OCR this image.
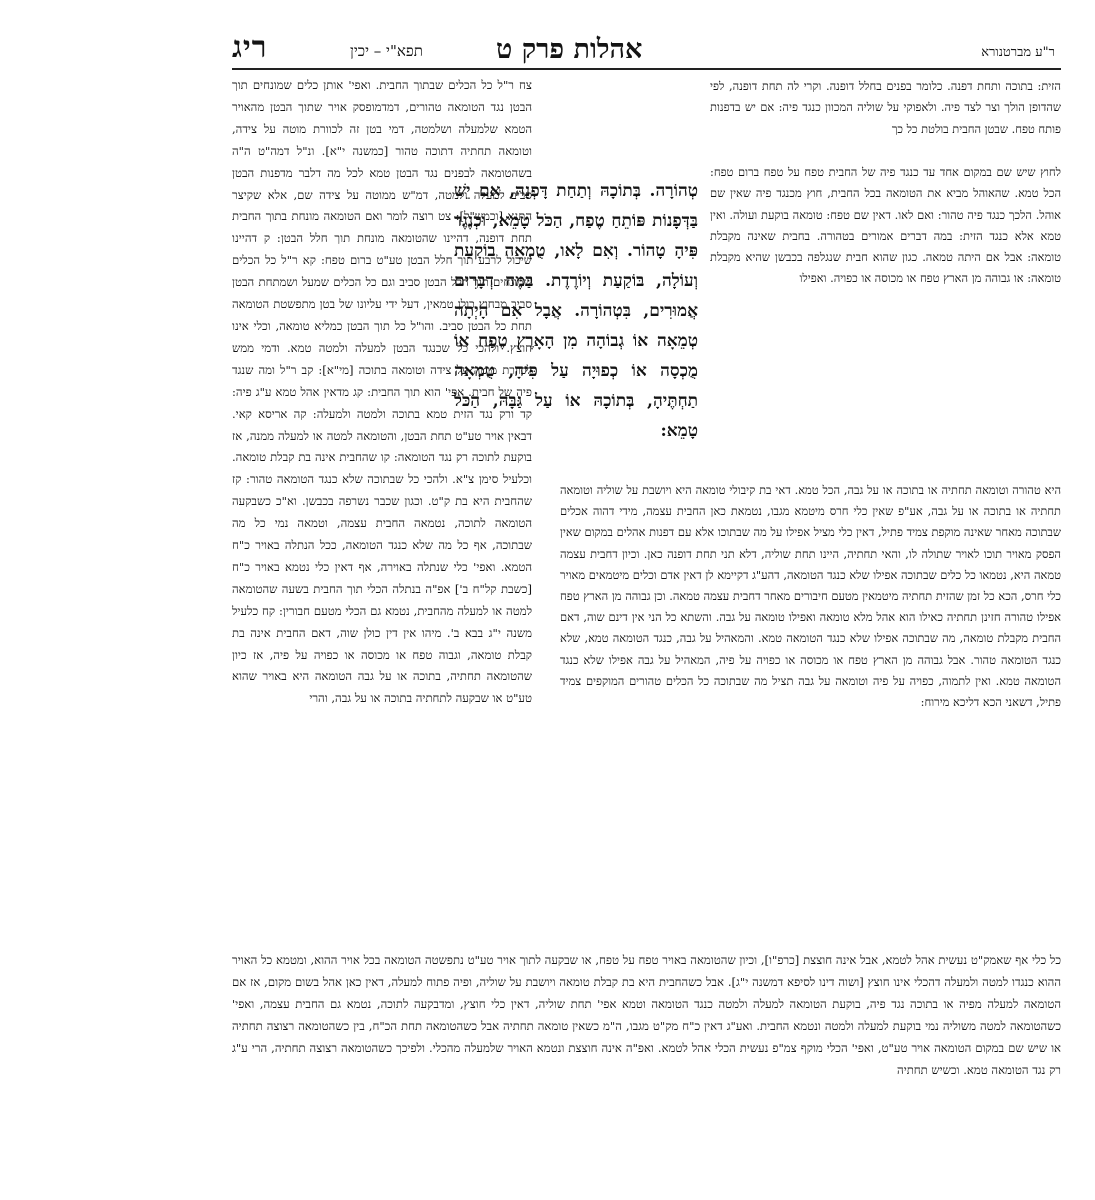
ריג	תפא"י – יכין	אהלות פרק ט	ר"ע מברטנורא

הזית: בתוכה ותחת דפנה. כלומר בפנים בחלל דופנה. וקרי לה תחת דופנה, לפי שהדופן הולך וצר לצד פיה. ולאפוקי על שוליה המכוון כנגד פיה: אם יש בדפנות פותח טפח. שבטן החבית בולטת כל כך

לחוץ שיש שם במקום אחד עד כנגד פיה של החבית טפח על טפח ברום טפח: הכל טמא. שהאוהל מביא את הטומאה בכל החבית, חוץ מכנגד פיה שאין שם אוהל. הלכך כנגד פיה טהור: ואם לאו. דאין שם טפח: טומאה בוקעת ועולה. ואין טמא אלא כנגד הזית: במה דברים אמורים בטהורה. בחבית שאינה מקבלת טומאה: אבל אם היתה טמאה. כגון שהוא חבית שנגלפה בכבשן שהיא מקבלת טומאה: או גבוהה מן הארץ טפח או מכוסה או כפויה. ואפילו

טְהוֹרָה. בְּתוֹכָהּ וְתַחַת דָּפְנָהּ, אִם יֵשׁ בַּדְּפָנוֹת פּוֹתֵחַ טֶפַח, הַכֹּל טָמֵא, וּכְנֶגֶד פִּיהָ טָהוֹר. וְאִם לָאו, טֻמְאָה בוֹקַעַת וְעוֹלָה, בּוֹקַעַת וְיוֹרֶדֶת. בַּמֶּה דְבָרִים אֲמוּרִים, בִּטְהוֹרָה. אֲבָל אִם הָיְתָה טְמֵאָה אוֹ גְבוֹהָה מִן הָאָרֶץ טֶפַח אוֹ מֻכְסָה אוֹ כְפוּיָה עַל פִּיהָ, טֻמְאָה תַחְתֶּיהָ, בְּתוֹכָהּ אוֹ עַל גַּבָּהּ, הַכֹּל טָמֵא:

היא טהורה וטומאה תחתיה או בתוכה או על גבה, הכל טמא. דאי בת קיבולי טומאה היא ויושבת על שוליה וטומאה תחתיה או בתוכה או על גבה, אע"פ שאין כלי חרס מיטמא מגבו, נטמאת כאן החבית עצמה, מידי דהוה אכלים שבתוכה מאחר שאינה מוקפת צמיד פתיל, דאין כלי מציל אפילו על מה שבתוכו אלא עם דפנות אהלים במקום שאין הפסק מאויר תוכו לאויר שתולה לו, והאי תחתיה, היינו תחת שוליה, דלא תני תחת דופנה כאן. וכיון דחבית עצמה טמאה היא, נטמאו כל כלים שבתוכה אפילו שלא כנגד הטומאה, דהע"ג דקיימא לן דאין אדם וכלים מיטמאים מאויר כלי חרס, הכא כל זמן שהזית תחתיה מיטמאין מטעם חיבורים מאחר דחבית עצמה טמאה. וכן גבוהה מן הארץ טפח אפילו טהורה חזינן תחתיה כאילו הוא אהל מלא טומאה ואפילו טומאה על גבה. והשתא כל הני אין דינם שוה, דאם החבית מקבלת טומאה, מה שבתוכה אפילו שלא כנגד הטומאה טמא. והמאהיל על גבה, כנגד הטומאה טמא, שלא כנגד הטומאה טהור. אבל גבוהה מן הארץ טפח או מכוסה או כפויה על פיה, המאהיל על גבה אפילו שלא כנגד הטומאה טמא. ואין לתמוה, כפויה על פיה וטומאה על גבה תציל מה שבתוכה כל הכלים טהורים המוקפים צמיד פתיל, דשאני הכא דליכא מירוח:

צח ר"ל כל הכלים שבתוך החבית. ואפי' אותן כלים שמונחים תוך הבטן נגד הטומאה טהורים, דמדמופסק אויר שתוך הבטן מהאויר הטמא שלמעלה ושלמטה, דמי בטן זה לכוורת מוטה על צידה, וטומאה תחתיה דתוכה טהור [כמשנה י"א]. ונ"ל דמה"ט ה"ה בשהטומאה לבפנים נגד הבטן טמא לכל מה דלבר מדפנות הבטן סביב למעלה ולמטה, דמ"ש ממוטה על צידה שם, אלא שקיצר התנא [וכמש"ל]: צט רוצה לומר ואם הטומאה מונחת בתוך החבית תחת דופנה, דהיינו שהטומאה מונחת תוך חלל הבטן: ק דהיינו שיכול לרבע תוך חלל הבטן טע"ט ברום טפח: קא ר"ל כל הכלים שמונחים תוך חלל הבטן סביב וגם כל הכלים שמעל ושמתחת הבטן סביב מבחוץ כולן טמאין, דעל ידי עליונו של בטן מתפשטת הטומאה תחת כל הבטן סביב. והו"ל כל תוך הבטן כמליא טומאה, וכלי אינו חוצץ. ולהכי כל שכנגד הבטן למעלה ולמטה טמא. ודמי ממש לכוורת מוטה על צידה וטומאה בתוכה [מי"א]: קב ר"ל ומה שנגד פיה של חבית. אפי' הוא תוך החבית: קג מדאין אהל טמא ע"ג פיה: קד ורק נגד הזית טמא בתוכה ולמטה ולמעלה: קה אריסא קאי. דבאין אויר טע"ט תחת הבטן, והטומאה למטה או למעלה ממנה, אז בוקעת לתוכה רק נגד הטומאה: קו שהחבית אינה בת קבלת טומאה. וכלעיל סימן צ"א. ולהכי כל שבתוכה שלא כנגד הטומאה טהור: קז שהחבית היא בת ק"ט. וכגון שכבר נשרפה בכבשן. וא"כ כשבקעה הטומאה לתוכה, נטמאה החבית עצמה, וטמאה נמי כל מה שבתוכה, אף כל מה שלא כנגד הטומאה, ככל הנתלה באויר כ"ח הטמא. ואפי' כלי שנתלה באוירה, אף דאין כלי נטמא באויר כ"ח [כשבת קל"ח ב'] אפ"ה בנתלה הכלי תוך החבית בשעה שהטומאה למטה או למעלה מהחבית, נטמא גם הכלי מטעם חבורין: קח כלעיל משנה י"ג בבא ב'. מיהו אין דין כולן שוה, דאם החבית אינה בת קבלת טומאה, וגבוה טפח או מכוסה או כפויה על פיה, אז כיון שהטומאה תחתיה, בתוכה או על גבה הטומאה היא באויר שהוא טע"ט או שבקעה לתחתיה בתוכה או על גבה, והרי

כל כלי אף שאמק"ט נעשית אהל לטמא, אבל אינה חוצצת [כרפ"ו], וכיון שהטומאה באויר טפח על טפח, או שבקעה לתוך אויר טע"ט נתפשטה הטומאה בכל אויר ההוא, ומטמא כל האויר ההוא כנגדו למטה ולמעלה דהכלי אינו חוצץ [ושוה דינו לסיפא דמשנה י"ג]. אבל כשהחבית היא בת קבלת טומאה ויושבת על שוליה, ופיה פתוח למעלה, דאין כאן אהל בשום מקום, אז אם הטומאה למעלה מפיה או בתוכה נגד פיה, בוקעת הטומאה למעלה ולמטה כנגד הטומאה וטמא אפי' תחת שוליה, דאין כלי חוצץ, ומדבקעה לתוכה, נטמא גם החבית עצמה, ואפי' כשהטומאה למטה משוליה נמי בוקעת למעלה ולמטה ונטמא החבית. ואע"ג דאין כ"ח מק"ט מגבו, ה"מ כשאין טומאה תחתיה אבל כשהטומאה תחת הכ"ח, בין כשהטומאה רצוצה תחתיה או שיש שם במקום הטומאה אויר טע"ט, ואפי' הכלי מוקף צמ"פ נעשית הכלי אהל לטמא. ואפ"ה אינה חוצצת ונטמא האויר שלמעלה מהכלי. ולפיכך כשהטומאה רצוצה תחתיה, הרי ע"ג רק נגד הטומאה טמא. וכשיש תחתיה
